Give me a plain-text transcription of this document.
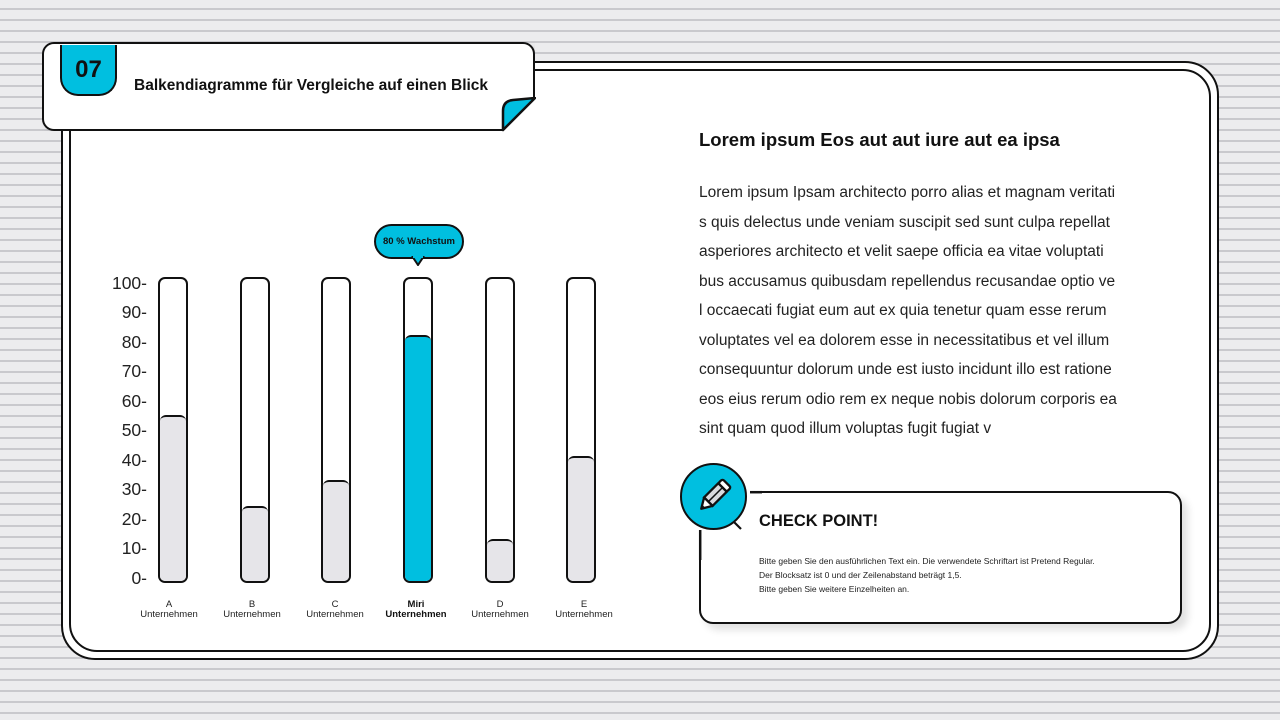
07
Balkendiagramme für Vergleiche auf einen Blick
100-
90-
80-
70-
60-
50-
40-
30-
20-
10-
0-
80 % Wachstum
A
Unternehmen
B
Unternehmen
C
Unternehmen
Miri
Unternehmen
D
Unternehmen
E
Unternehmen
Lorem ipsum Eos aut aut iure aut ea ipsa
Lorem ipsum Ipsam architecto porro alias et magnam veritati
s quis delectus unde veniam suscipit sed sunt culpa repellat
asperiores architecto et velit saepe officia ea vitae voluptati
bus accusamus quibusdam repellendus recusandae optio ve
l occaecati fugiat eum aut ex quia tenetur quam esse rerum
voluptates vel ea dolorem esse in necessitatibus et vel illum
consequuntur dolorum unde est iusto incidunt illo est ratione
eos eius rerum odio rem ex neque nobis dolorum corporis ea
sint quam quod illum voluptas fugit fugiat v
CHECK POINT!
Bitte geben Sie den ausführlichen Text ein. Die verwendete Schriftart ist Pretend Regular.
Der Blocksatz ist 0 und der Zeilenabstand beträgt 1,5.
Bitte geben Sie weitere Einzelheiten an.
